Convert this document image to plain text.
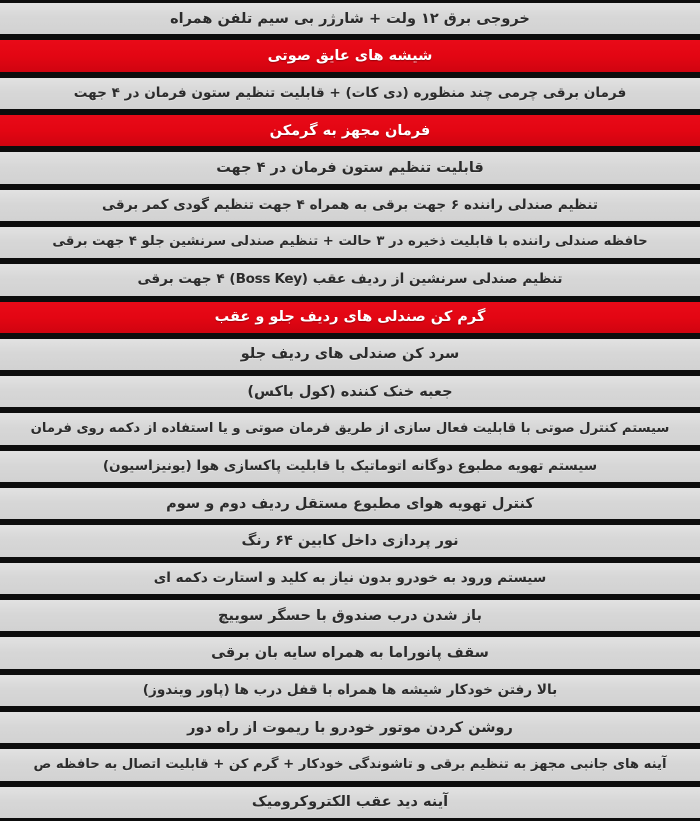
خروجی برق ۱۲ ولت + شارژر بی سیم تلفن همراه
شیشه های عایق صوتی
فرمان برقی چرمی چند منظوره (دی کات) + قابلیت تنظیم ستون فرمان در ۴ جهت
فرمان مجهز به گرمکن
قابلیت تنظیم ستون فرمان در ۴ جهت
تنظیم صندلی راننده ۶ جهت برقی به همراه ۴ جهت تنظیم گودی کمر برقی
حافظه صندلی راننده با قابلیت ذخیره در ۳ حالت + تنظیم صندلی سرنشین جلو ۴ جهت برقی
تنظیم صندلی سرنشین از ردیف عقب (Boss Key) ۴ جهت برقی
گرم کن صندلی های ردیف جلو و عقب
سرد کن صندلی های ردیف جلو
جعبه خنک کننده (کول باکس)
سیستم کنترل صوتی با قابلیت فعال سازی از طریق فرمان صوتی و یا استفاده از دکمه روی فرمان
سیستم تهویه مطبوع دوگانه اتوماتیک با قابلیت پاکسازی هوا (یونیزاسیون)
کنترل تهویه هوای مطبوع مستقل ردیف دوم و سوم
نور پردازی داخل کابین ۶۴ رنگ
سیستم ورود به خودرو بدون نیاز به کلید و استارت دکمه ای
باز شدن درب صندوق با حسگر سوییچ
سقف پانوراما به همراه سایه بان برقی
بالا رفتن خودکار شیشه ها همراه با قفل درب ها (پاور ویندوز)
روشن کردن موتور خودرو با ریموت از راه دور
آینه های جانبی مجهز به تنظیم برقی و تاشوندگی خودکار + گرم کن + قابلیت اتصال به حافظه ص
آینه دید عقب الکتروکرومیک
